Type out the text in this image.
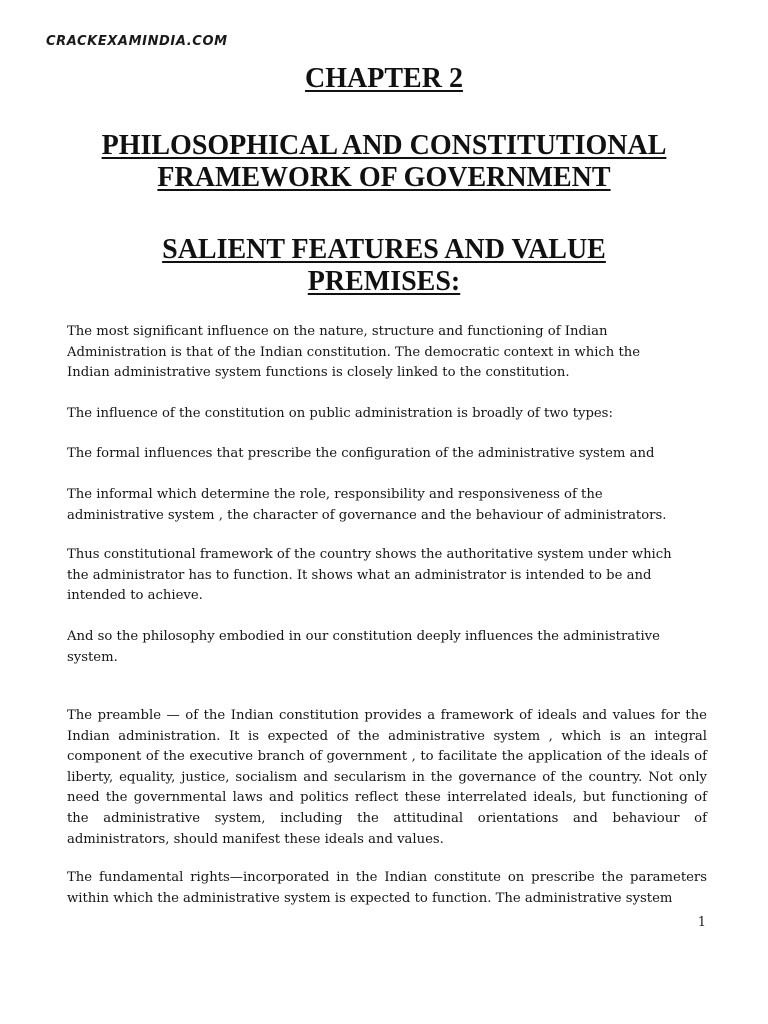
CRACKEXAMINDIA.COM
CHAPTER 2
PHILOSOPHICAL AND CONSTITUTIONAL
FRAMEWORK OF GOVERNMENT
SALIENT FEATURES AND VALUE
PREMISES:

The most significant influence on the nature, structure and functioning of Indian
Administration is that of the Indian constitution. The democratic context in which the
Indian administrative system functions is closely linked to the constitution.

The influence of the constitution on public administration is broadly of two types:

The formal influences that prescribe the configuration of the administrative system and

The informal which determine the role, responsibility and responsiveness of the
administrative system , the character of governance and the behaviour of administrators.

Thus constitutional framework of the country shows the authoritative system under which
the administrator has to function. It shows what an administrator is intended to be and
intended to achieve.

And so the philosophy embodied in our constitution deeply influences the administrative
system.

The preamble — of the Indian constitution provides a framework of ideals and values for the Indian administration. It is expected of the administrative system , which is an integral component of the executive branch of government , to facilitate the application of the ideals of liberty, equality, justice, socialism and secularism in the governance of the country. Not only need the governmental laws and politics reflect these interrelated ideals, but functioning of the administrative system, including the attitudinal orientations and behaviour of administrators, should manifest these ideals and values.

The fundamental rights—incorporated in the Indian constitute on prescribe the parameters within which the administrative system is expected to function. The administrative system

1
